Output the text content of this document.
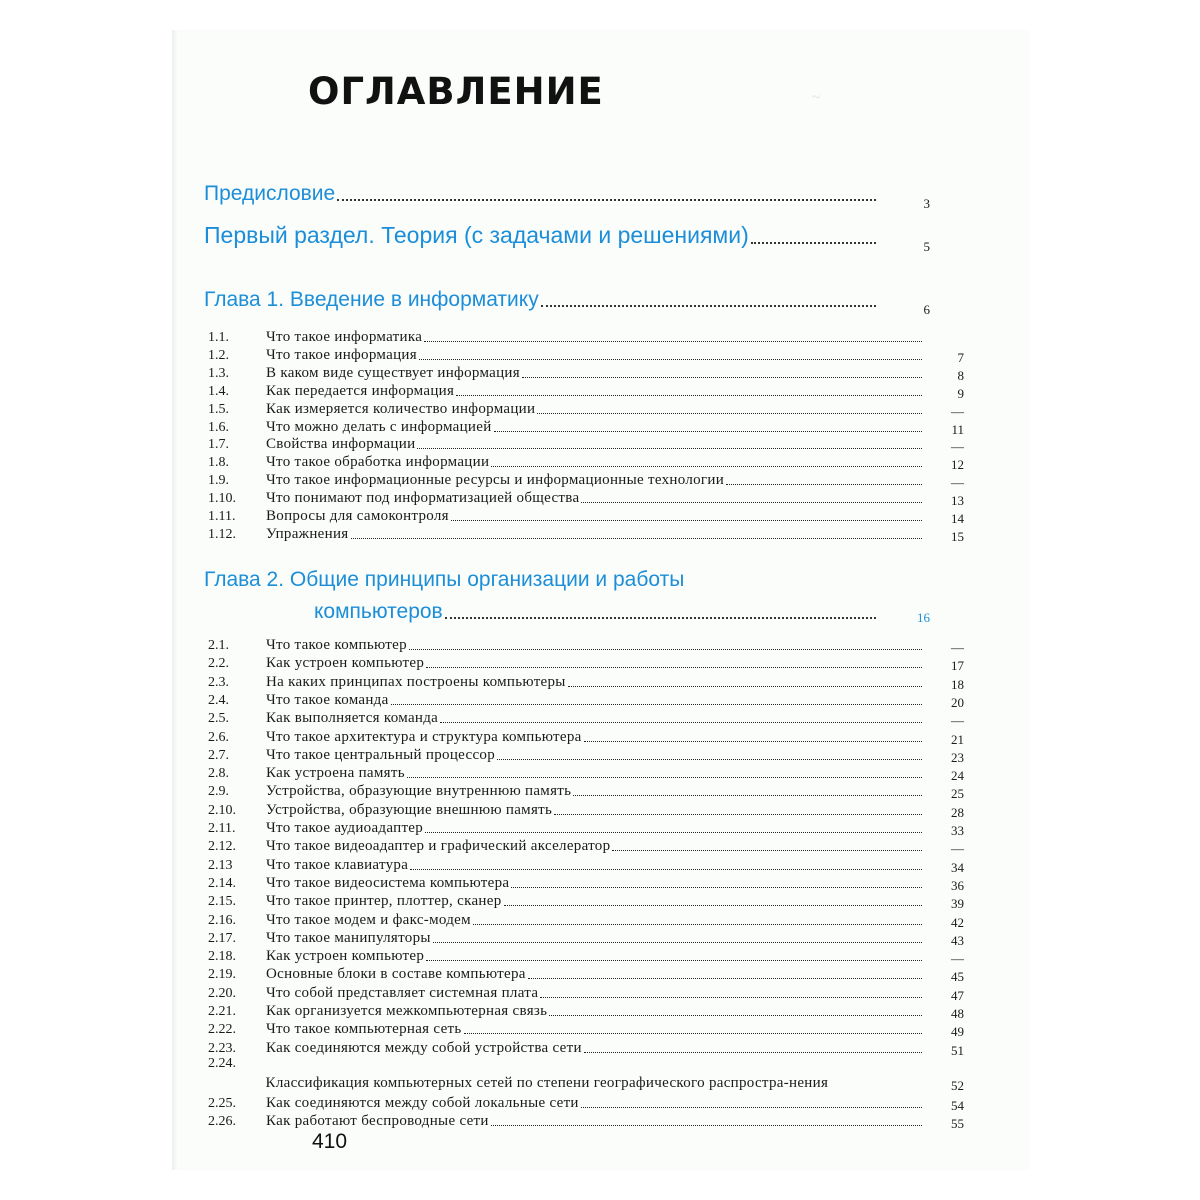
~
ОГЛАВЛЕНИЕ
Предисловие	3
Первый раздел. Теория (с задачами и решениями)	5
Глава 1. Введение в информатику	6
1.1.	Что такое информатика
1.2.	Что такое информация	7
1.3.	В каком виде существует информация	8
1.4.	Как передается информация	9
1.5.	Как измеряется количество информации	—
1.6.	Что можно делать с информацией	11
1.7.	Свойства информации	—
1.8.	Что такое обработка информации	12
1.9.	Что такое информационные ресурсы и информационные технологии	—
1.10.	Что понимают под информатизацией общества	13
1.11.	Вопросы для самоконтроля	14
1.12.	Упражнения	15
Глава 2. Общие принципы организации и работы
компьютеров	16
2.1.	Что такое компьютер	—
2.2.	Как устроен компьютер	17
2.3.	На каких принципах построены компьютеры	18
2.4.	Что такое команда	20
2.5.	Как выполняется команда	—
2.6.	Что такое архитектура и структура компьютера	21
2.7.	Что такое центральный процессор	23
2.8.	Как устроена память	24
2.9.	Устройства, образующие внутреннюю память	25
2.10.	Устройства, образующие внешнюю память	28
2.11.	Что такое аудиоадаптер	33
2.12.	Что такое видеоадаптер и графический акселератор	—
2.13	Что такое клавиатура	34
2.14.	Что такое видеосистема компьютера	36
2.15.	Что такое принтер, плоттер, сканер	39
2.16.	Что такое модем и факс-модем	42
2.17.	Что такое манипуляторы	43
2.18.	Как устроен компьютер	—
2.19.	Основные блоки в составе компьютера	45
2.20.	Что собой представляет системная плата	47
2.21.	Как организуется межкомпьютерная связь	48
2.22.	Что такое компьютерная сеть	49
2.23.	Как соединяются между собой устройства сети	51
2.24.
Классификация компьютерных сетей по степени географического распростра-нения	52
2.25.	Как соединяются между собой локальные сети	54
2.26.	Как работают беспроводные сети	55
410
